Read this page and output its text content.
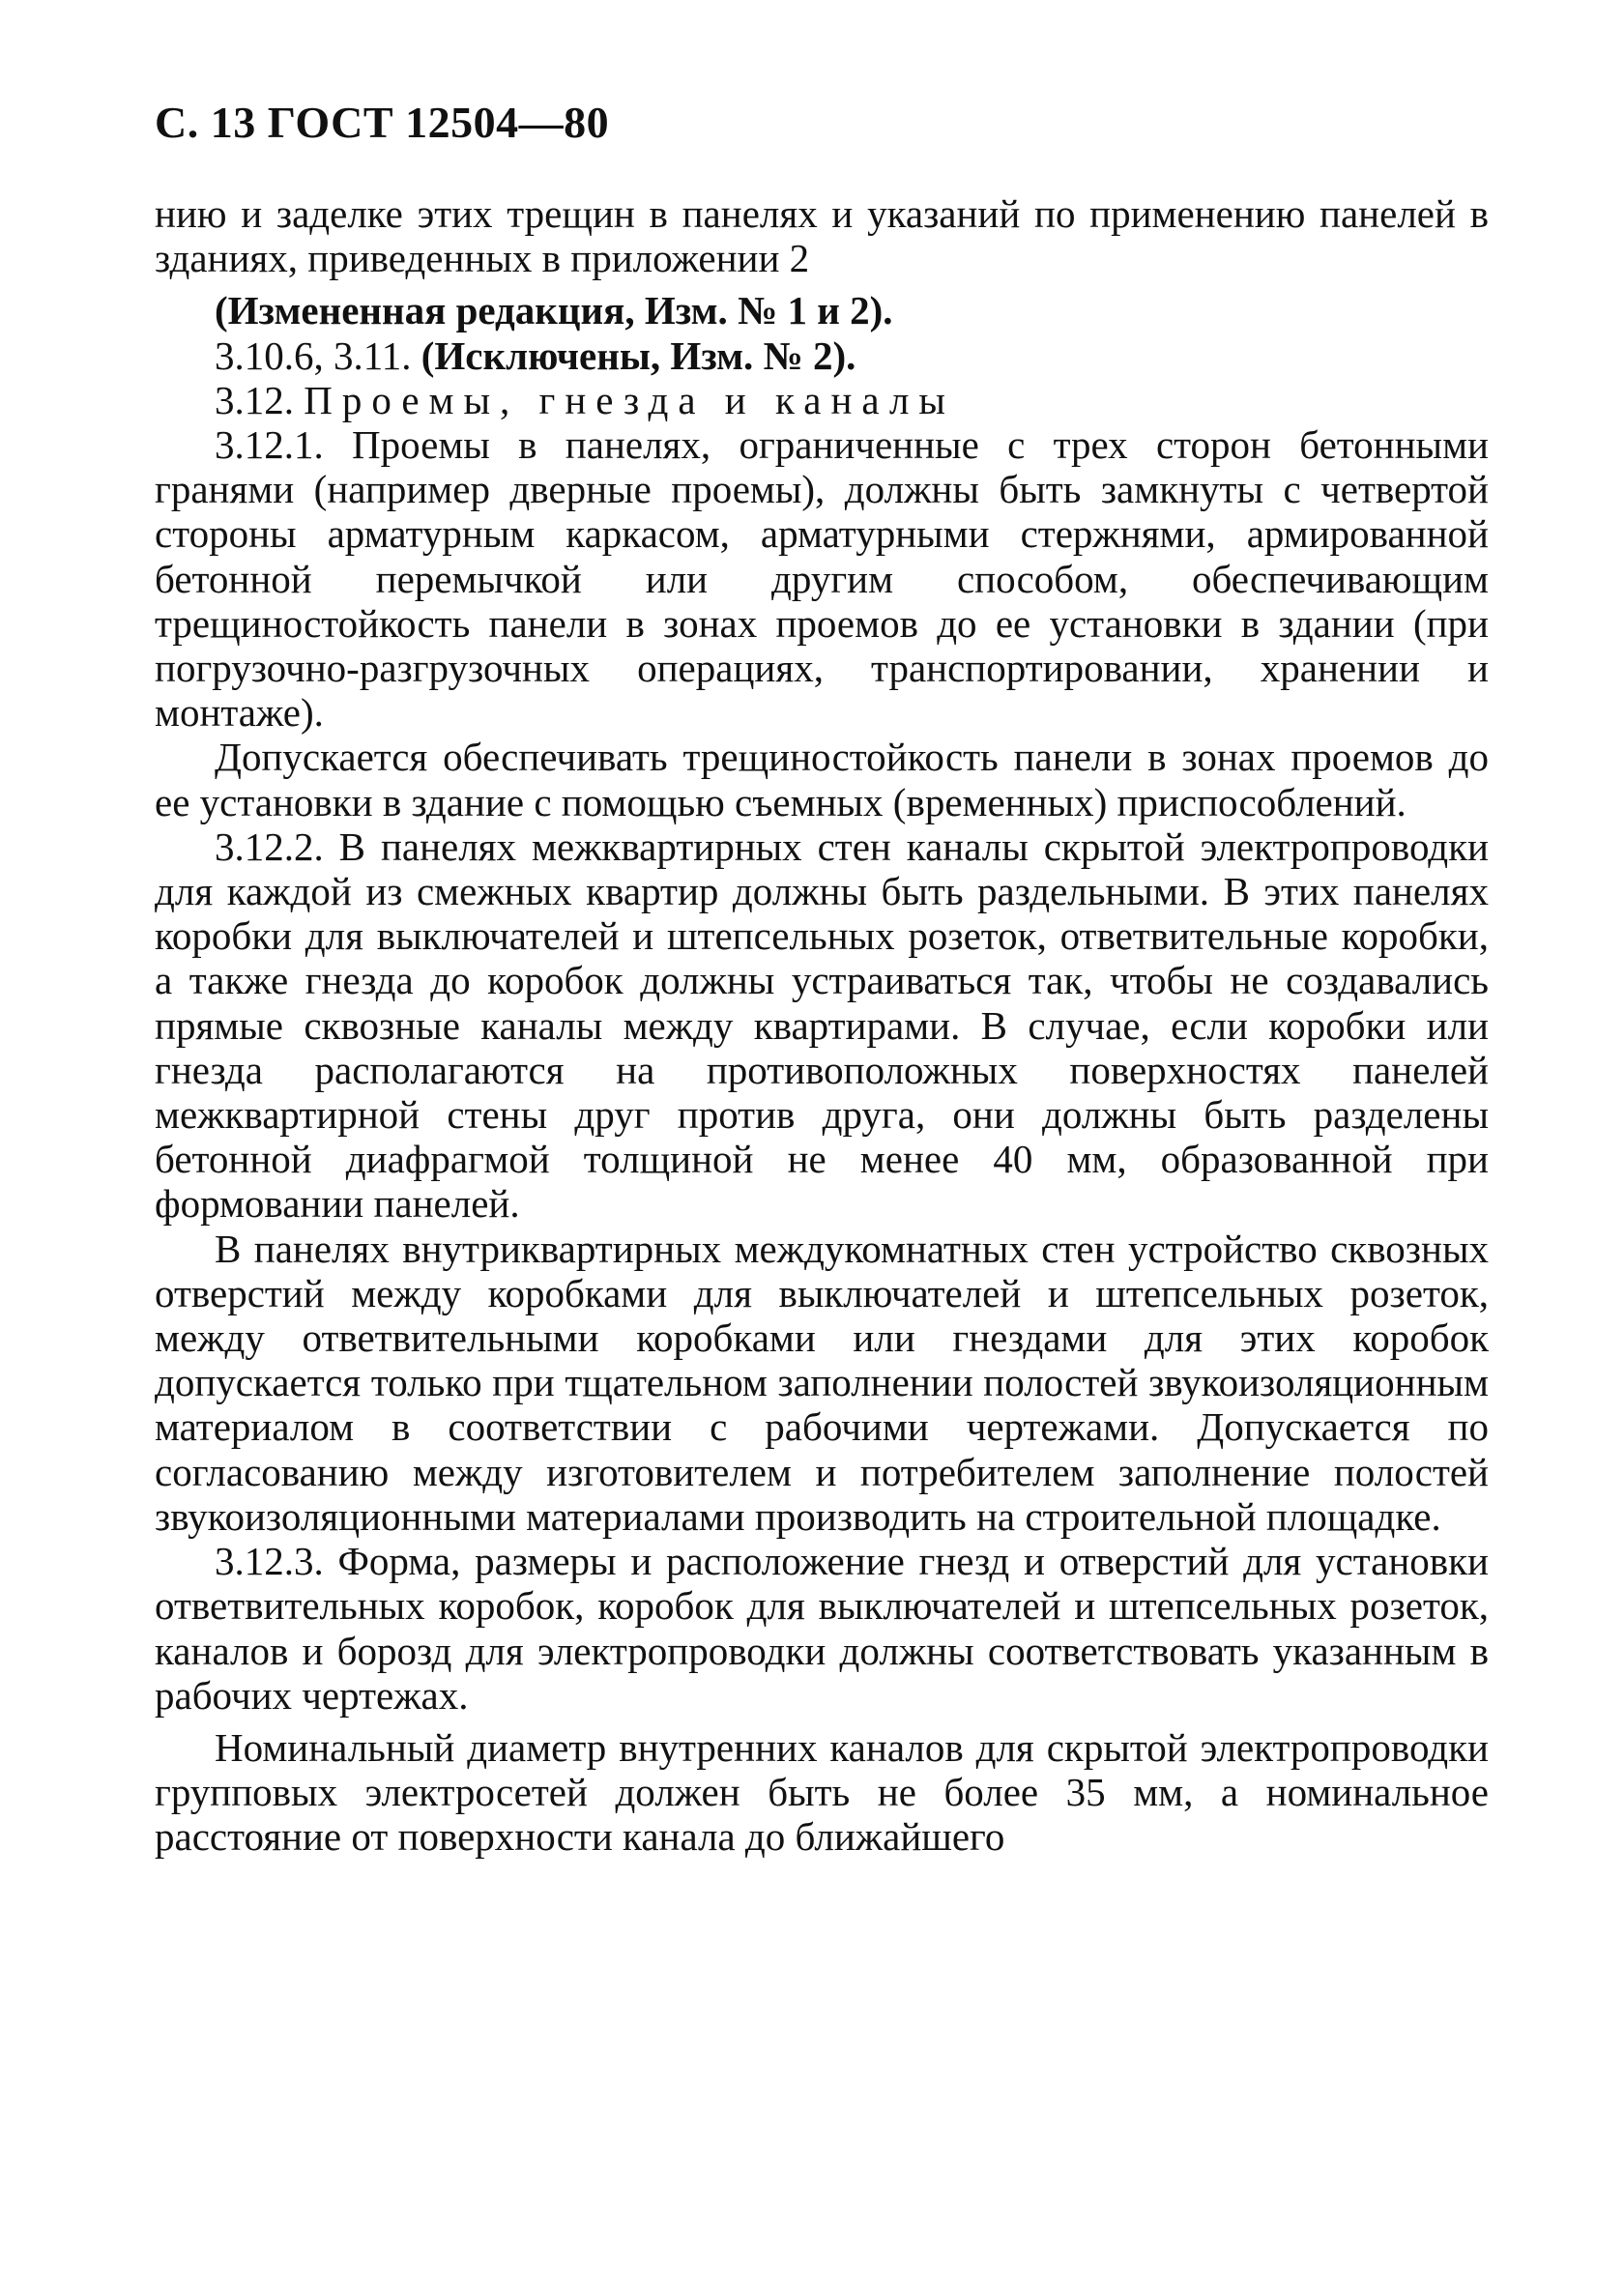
С. 13 ГОСТ 12504—80

нию и заделке этих трещин в панелях и указаний по применению панелей в зданиях, приведенных в приложении 2

(Измененная редакция, Изм. № 1 и 2).

3.10.6, 3.11. (Исключены, Изм. № 2).

3.12. Проемы, гнезда и каналы

3.12.1. Проемы в панелях, ограниченные с трех сторон бетонными гранями (например дверные проемы), должны быть замкнуты с четвертой стороны арматурным каркасом, арматурными стержнями, армированной бетонной перемычкой или другим способом, обеспечивающим трещиностойкость панели в зонах проемов до ее установки в здании (при погрузочно-разгрузочных операциях, транспортировании, хранении и монтаже).

Допускается обеспечивать трещиностойкость панели в зонах проемов до ее установки в здание с помощью съемных (временных) приспособлений.

3.12.2. В панелях межквартирных стен каналы скрытой электропроводки для каждой из смежных квартир должны быть раздельными. В этих панелях коробки для выключателей и штепсельных розеток, ответвительные коробки, а также гнезда до коробок должны устраиваться так, чтобы не создавались прямые сквозные каналы между квартирами. В случае, если коробки или гнезда располагаются на противоположных поверхностях панелей межквартирной стены друг против друга, они должны быть разделены бетонной диафрагмой толщиной не менее 40 мм, образованной при формовании панелей.

В панелях внутриквартирных междукомнатных стен устройство сквозных отверстий между коробками для выключателей и штепсельных розеток, между ответвительными коробками или гнездами для этих коробок допускается только при тщательном заполнении полостей звукоизоляционным материалом в соответствии с рабочими чертежами. Допускается по согласованию между изготовителем и потребителем заполнение полостей звукоизоляционными материалами производить на строительной площадке.

3.12.3. Форма, размеры и расположение гнезд и отверстий для установки ответвительных коробок, коробок для выключателей и штепсельных розеток, каналов и борозд для электропроводки должны соответствовать указанным в рабочих чертежах.

Номинальный диаметр внутренних каналов для скрытой электропроводки групповых электросетей должен быть не более 35 мм, а номинальное расстояние от поверхности канала до ближайшего
